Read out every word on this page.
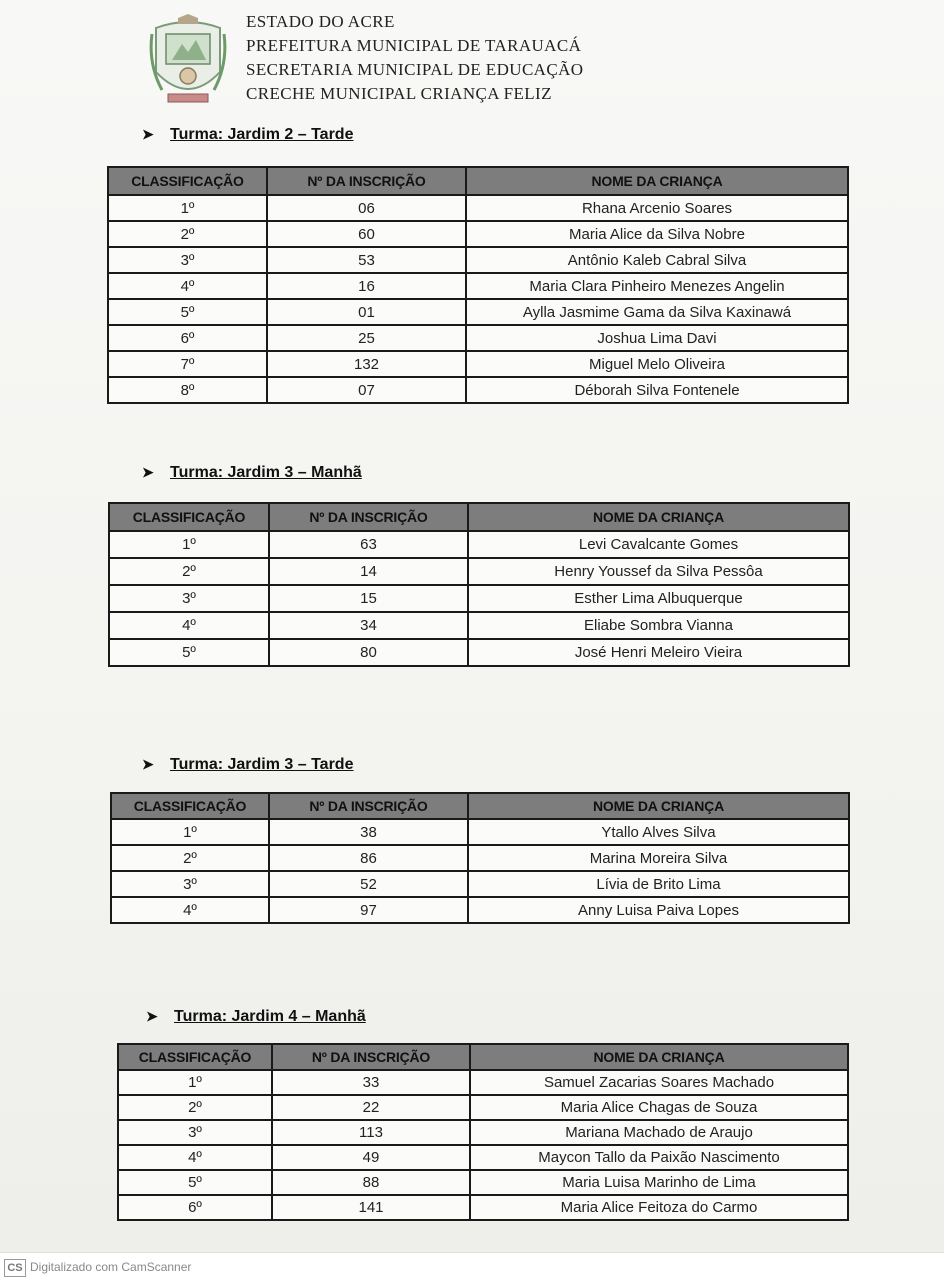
ESTADO DO ACRE
PREFEITURA MUNICIPAL DE TARAUACÁ
SECRETARIA MUNICIPAL DE EDUCAÇÃO
CRECHE MUNICIPAL CRIANÇA FELIZ
➤ Turma: Jardim 2 – Tarde
CLASSIFICAÇÃO	Nº DA INSCRIÇÃO	NOME DA CRIANÇA
1º	06	Rhana Arcenio Soares
2º	60	Maria Alice da Silva Nobre
3º	53	Antônio Kaleb Cabral Silva
4º	16	Maria Clara Pinheiro Menezes Angelin
5º	01	Aylla Jasmime Gama da Silva Kaxinawá
6º	25	Joshua Lima Davi
7º	132	Miguel Melo Oliveira
8º	07	Déborah Silva Fontenele
➤ Turma: Jardim 3 – Manhã
CLASSIFICAÇÃO	Nº DA INSCRIÇÃO	NOME DA CRIANÇA
1º	63	Levi Cavalcante Gomes
2º	14	Henry Youssef da Silva Pessôa
3º	15	Esther Lima Albuquerque
4º	34	Eliabe Sombra Vianna
5º	80	José Henri Meleiro Vieira
➤ Turma: Jardim 3 – Tarde
CLASSIFICAÇÃO	Nº DA INSCRIÇÃO	NOME DA CRIANÇA
1º	38	Ytallo Alves Silva
2º	86	Marina Moreira Silva
3º	52	Lívia de Brito Lima
4º	97	Anny Luisa Paiva Lopes
➤ Turma: Jardim 4 – Manhã
CLASSIFICAÇÃO	Nº DA INSCRIÇÃO	NOME DA CRIANÇA
1º	33	Samuel Zacarias Soares Machado
2º	22	Maria Alice Chagas de Souza
3º	113	Mariana Machado de Araujo
4º	49	Maycon Tallo da Paixão Nascimento
5º	88	Maria Luisa Marinho de Lima
6º	141	Maria Alice Feitoza do Carmo
CS Digitalizado com CamScanner
